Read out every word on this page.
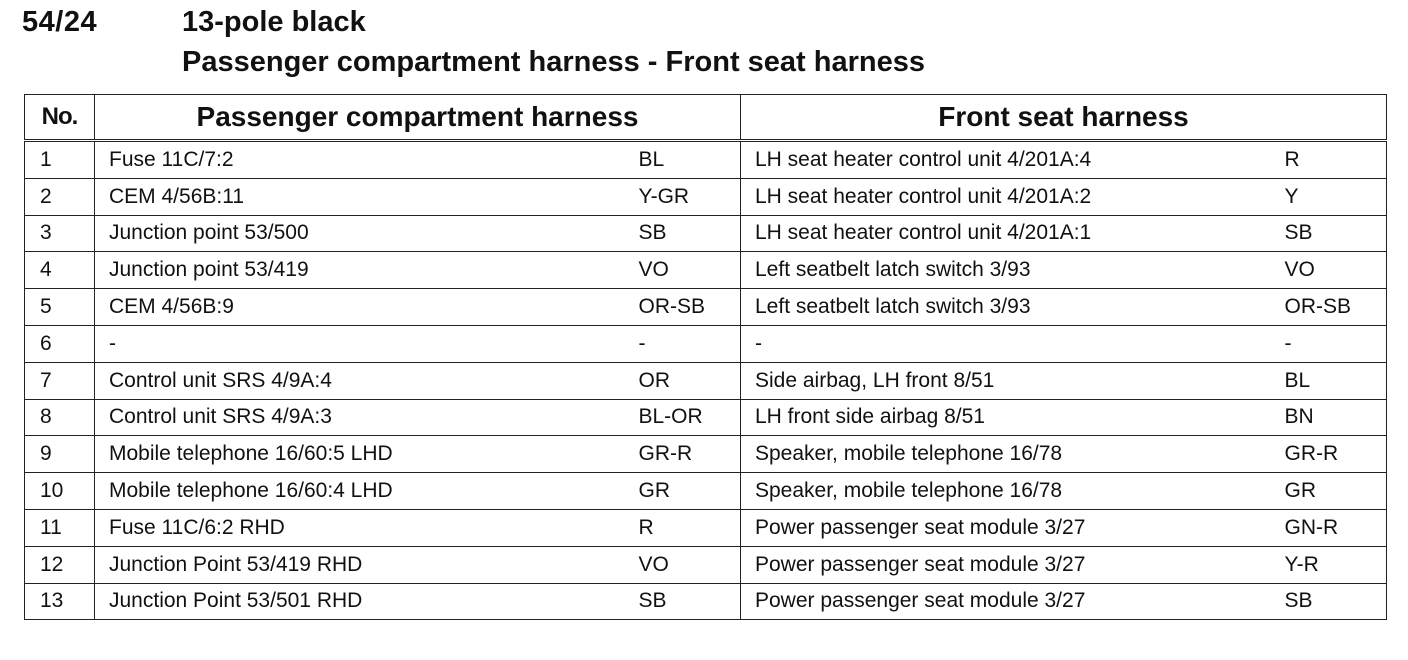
54/24	13-pole black
Passenger compartment harness - Front seat harness
No.	Passenger compartment harness		Front seat harness	
1	Fuse 11C/7:2	BL	LH seat heater control unit 4/201A:4	R
2	CEM 4/56B:11	Y-GR	LH seat heater control unit 4/201A:2	Y
3	Junction point 53/500	SB	LH seat heater control unit 4/201A:1	SB
4	Junction point 53/419	VO	Left seatbelt latch switch 3/93	VO
5	CEM 4/56B:9	OR-SB	Left seatbelt latch switch 3/93	OR-SB
6	-	-	-	-
7	Control unit SRS 4/9A:4	OR	Side airbag, LH front 8/51	BL
8	Control unit SRS 4/9A:3	BL-OR	LH front side airbag 8/51	BN
9	Mobile telephone 16/60:5 LHD	GR-R	Speaker, mobile telephone 16/78	GR-R
10	Mobile telephone 16/60:4 LHD	GR	Speaker, mobile telephone 16/78	GR
11	Fuse 11C/6:2 RHD	R	Power passenger seat module 3/27	GN-R
12	Junction Point 53/419 RHD	VO	Power passenger seat module 3/27	Y-R
13	Junction Point 53/501 RHD	SB	Power passenger seat module 3/27	SB
